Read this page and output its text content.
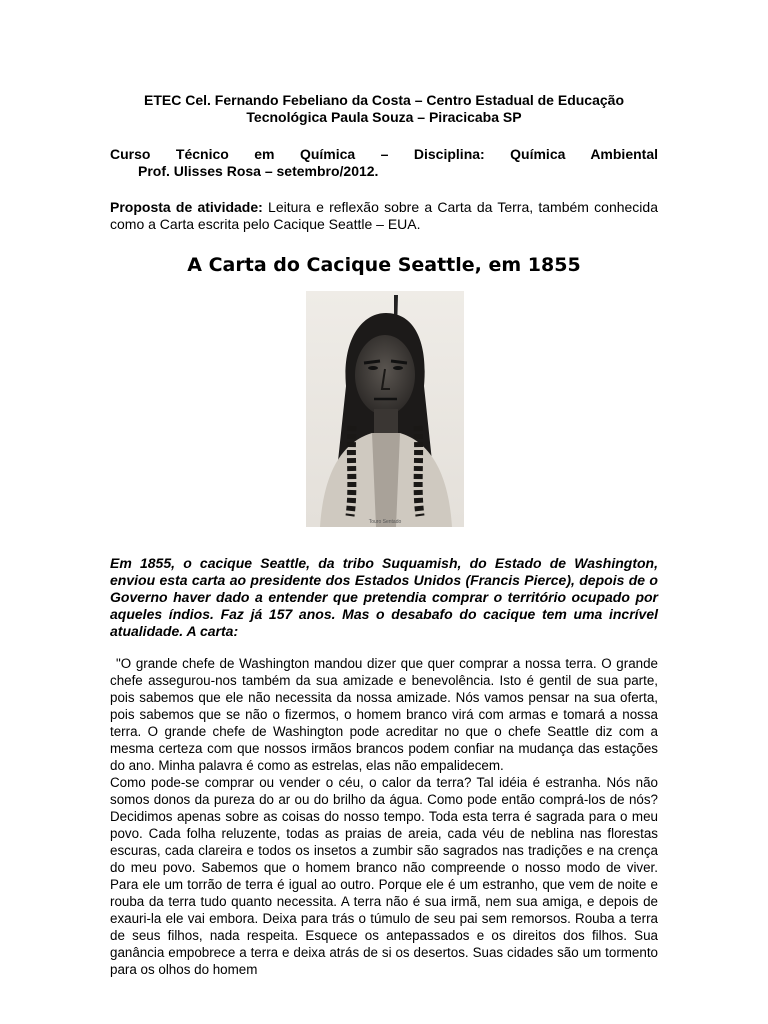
ETEC Cel. Fernando Febeliano da Costa – Centro Estadual de Educação
Tecnológica Paula Souza – Piracicaba SP
Curso Técnico em Química – Disciplina: Química Ambiental
Prof. Ulisses Rosa – setembro/2012.
Proposta de atividade: Leitura e reflexão sobre a Carta da Terra, também conhecida como a Carta escrita pelo Cacique Seattle – EUA.
A Carta do Cacique Seattle, em 1855
Touro Sentado
Em 1855, o cacique Seattle, da tribo Suquamish, do Estado de Washington, enviou esta carta ao presidente dos Estados Unidos (Francis Pierce), depois de o Governo haver dado a entender que pretendia comprar o território ocupado por aqueles índios. Faz já 157 anos. Mas o desabafo do cacique tem uma incrível atualidade. A carta:

"O grande chefe de Washington mandou dizer que quer comprar a nossa terra. O grande chefe assegurou-nos também da sua amizade e benevolência. Isto é gentil de sua parte, pois sabemos que ele não necessita da nossa amizade. Nós vamos pensar na sua oferta, pois sabemos que se não o fizermos, o homem branco virá com armas e tomará a nossa terra. O grande chefe de Washington pode acreditar no que o chefe Seattle diz com a mesma certeza com que nossos irmãos brancos podem confiar na mudança das estações do ano. Minha palavra é como as estrelas, elas não empalidecem.

Como pode-se comprar ou vender o céu, o calor da terra? Tal idéia é estranha. Nós não somos donos da pureza do ar ou do brilho da água. Como pode então comprá-los de nós? Decidimos apenas sobre as coisas do nosso tempo. Toda esta terra é sagrada para o meu povo. Cada folha reluzente, todas as praias de areia, cada véu de neblina nas florestas escuras, cada clareira e todos os insetos a zumbir são sagrados nas tradições e na crença do meu povo. Sabemos que o homem branco não compreende o nosso modo de viver. Para ele um torrão de terra é igual ao outro. Porque ele é um estranho, que vem de noite e rouba da terra tudo quanto necessita. A terra não é sua irmã, nem sua amiga, e depois de exauri-la ele vai embora. Deixa para trás o túmulo de seu pai sem remorsos. Rouba a terra de seus filhos, nada respeita. Esquece os antepassados e os direitos dos filhos. Sua ganância empobrece a terra e deixa atrás de si os desertos. Suas cidades são um tormento para os olhos do homem
